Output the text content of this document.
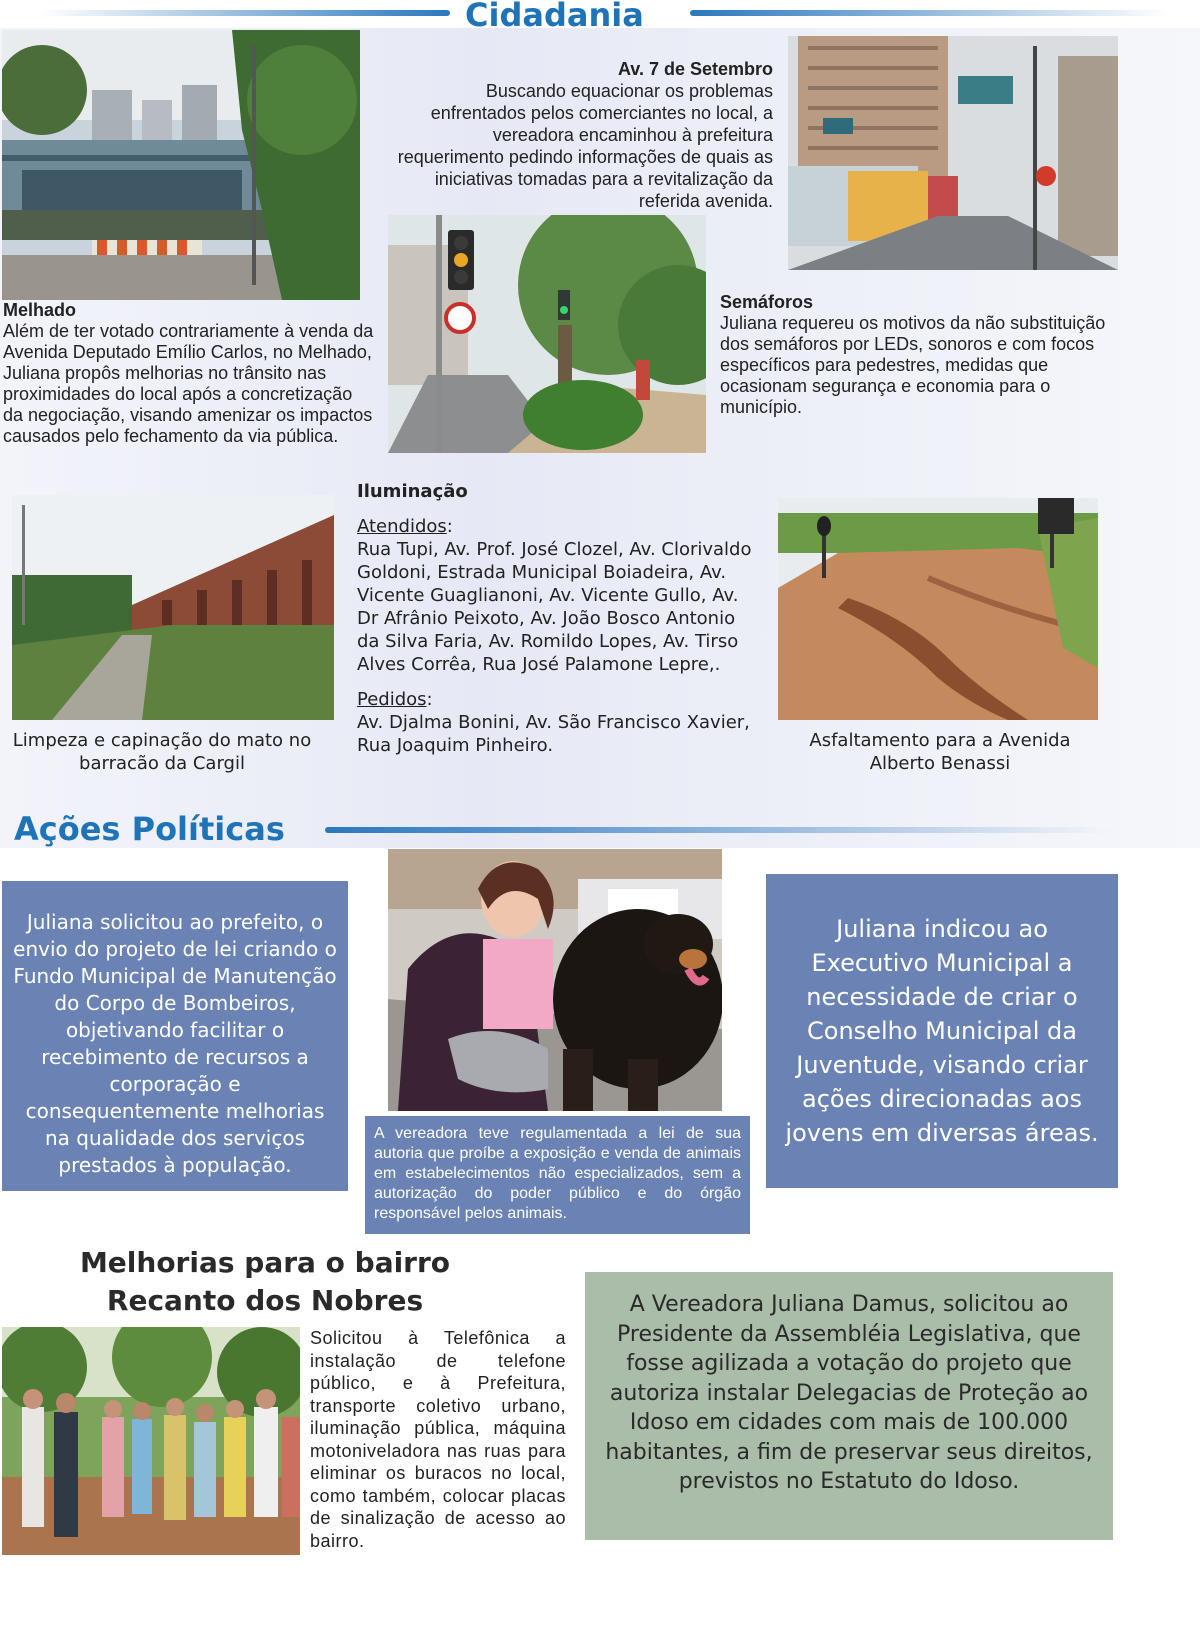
Cidadania
Av. 7 de Setembro
Buscando equacionar os problemas enfrentados pelos comerciantes no local, a vereadora encaminhou à prefeitura requerimento pedindo informações de quais as iniciativas tomadas para a revitalização da referida avenida.
Melhado
Além de ter votado contrariamente à venda da Avenida Deputado Emílio Carlos, no Melhado, Juliana propôs melhorias no trânsito nas proximidades do local após a concretização da negociação, visando amenizar os impactos causados pelo fechamento da via pública.
Semáforos
Juliana requereu os motivos da não substituição dos semáforos por LEDs, sonoros e com focos específicos para pedestres, medidas que ocasionam segurança e economia para o município.
Iluminação
Atendidos:
Rua Tupi, Av. Prof. José Clozel, Av. Clorivaldo Goldoni, Estrada Municipal Boiadeira, Av. Vicente Guaglianoni, Av. Vicente Gullo, Av. Dr Afrânio Peixoto, Av. João Bosco Antonio da Silva Faria, Av. Romildo Lopes, Av. Tirso Alves Corrêa, Rua José Palamone Lepre,.
Pedidos:
Av. Djalma Bonini, Av. São Francisco Xavier, Rua Joaquim Pinheiro.
Limpeza e capinação do mato no barracão da Cargil
Asfaltamento para a Avenida Alberto Benassi
Ações Políticas
Juliana solicitou ao prefeito, o envio do projeto de lei criando o Fundo Municipal de Manutenção do Corpo de Bombeiros, objetivando facilitar o recebimento de recursos a corporação e consequentemente melhorias na qualidade dos serviços prestados à população.
A vereadora teve regulamentada a lei de sua autoria que proíbe a exposição e venda de animais em estabelecimentos não especializados, sem a autorização do poder público e do órgão responsável pelos animais.
Juliana indicou ao Executivo Municipal a necessidade de criar o Conselho Municipal da Juventude, visando criar ações direcionadas aos jovens em diversas áreas.
Melhorias para o bairro
Recanto dos Nobres
Solicitou à Telefônica a instalação de telefone público, e à Prefeitura, transporte coletivo urbano, iluminação pública, máquina motoniveladora nas ruas para eliminar os buracos no local, como também, colocar placas de sinalização de acesso ao bairro.
A Vereadora Juliana Damus, solicitou ao Presidente da Assembléia Legislativa, que fosse agilizada a votação do projeto que autoriza instalar Delegacias de Proteção ao Idoso em cidades com mais de 100.000 habitantes, a fim de preservar seus direitos, previstos no Estatuto do Idoso.
